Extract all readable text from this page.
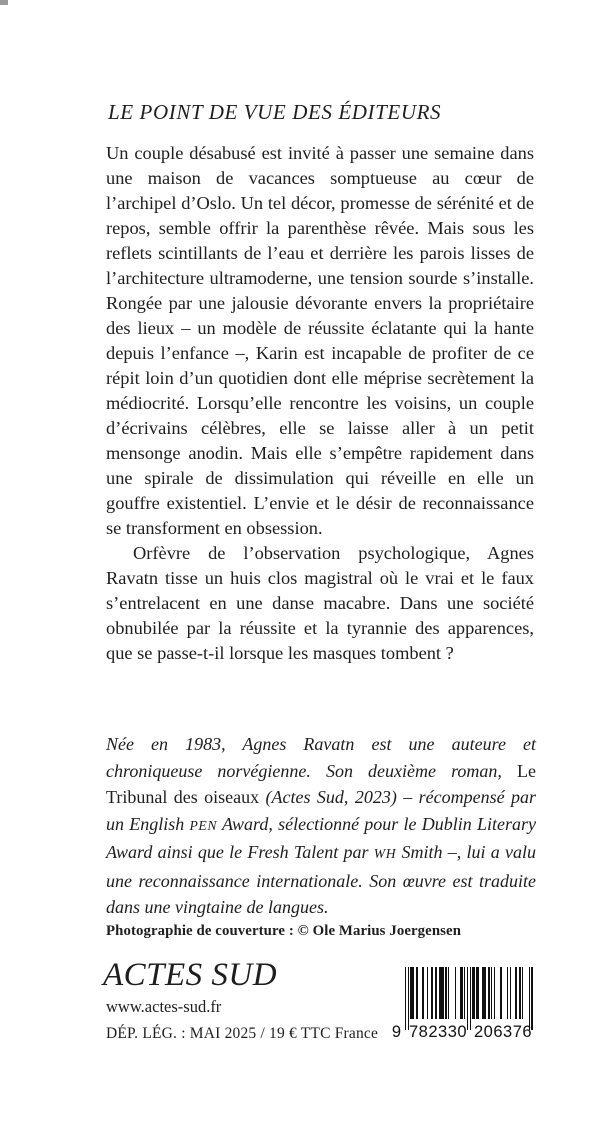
LE POINT DE VUE DES ÉDITEURS

Un couple désabusé est invité à passer une semaine dans une maison de vacances somptueuse au cœur de l’archipel d’Oslo. Un tel décor, promesse de sérénité et de repos, semble offrir la parenthèse rêvée. Mais sous les reflets scintillants de l’eau et derrière les parois lisses de l’architecture ultramoderne, une tension sourde s’installe. Rongée par une jalousie dévorante envers la propriétaire des lieux – un modèle de réussite éclatante qui la hante depuis l’enfance –, Karin est incapable de profiter de ce répit loin d’un quotidien dont elle méprise secrètement la médiocrité. Lorsqu’elle rencontre les voisins, un couple d’écrivains célèbres, elle se laisse aller à un petit mensonge anodin. Mais elle s’empêtre rapidement dans une spirale de dissimulation qui réveille en elle un gouffre existentiel. L’envie et le désir de reconnaissance se transforment en obsession.

Orfèvre de l’observation psychologique, Agnes Ravatn tisse un huis clos magistral où le vrai et le faux s’entrelacent en une danse macabre. Dans une société obnubilée par la réussite et la tyrannie des apparences, que se passe-t-il lorsque les masques tombent ?

Née en 1983, Agnes Ravatn est une auteure et chroniqueuse norvégienne. Son deuxième roman, Le Tribunal des oiseaux (Actes Sud, 2023) – récompensé par un English PEN Award, sélectionné pour le Dublin Literary Award ainsi que le Fresh Talent par WH Smith –, lui a valu une reconnaissance internationale. Son œuvre est traduite dans une vingtaine de langues.

Photographie de couverture : © Ole Marius Joergensen

ACTES SUD
www.actes-sud.fr
DÉP. LÉG. : MAI 2025 / 19 € TTC France 9 782330 206376
